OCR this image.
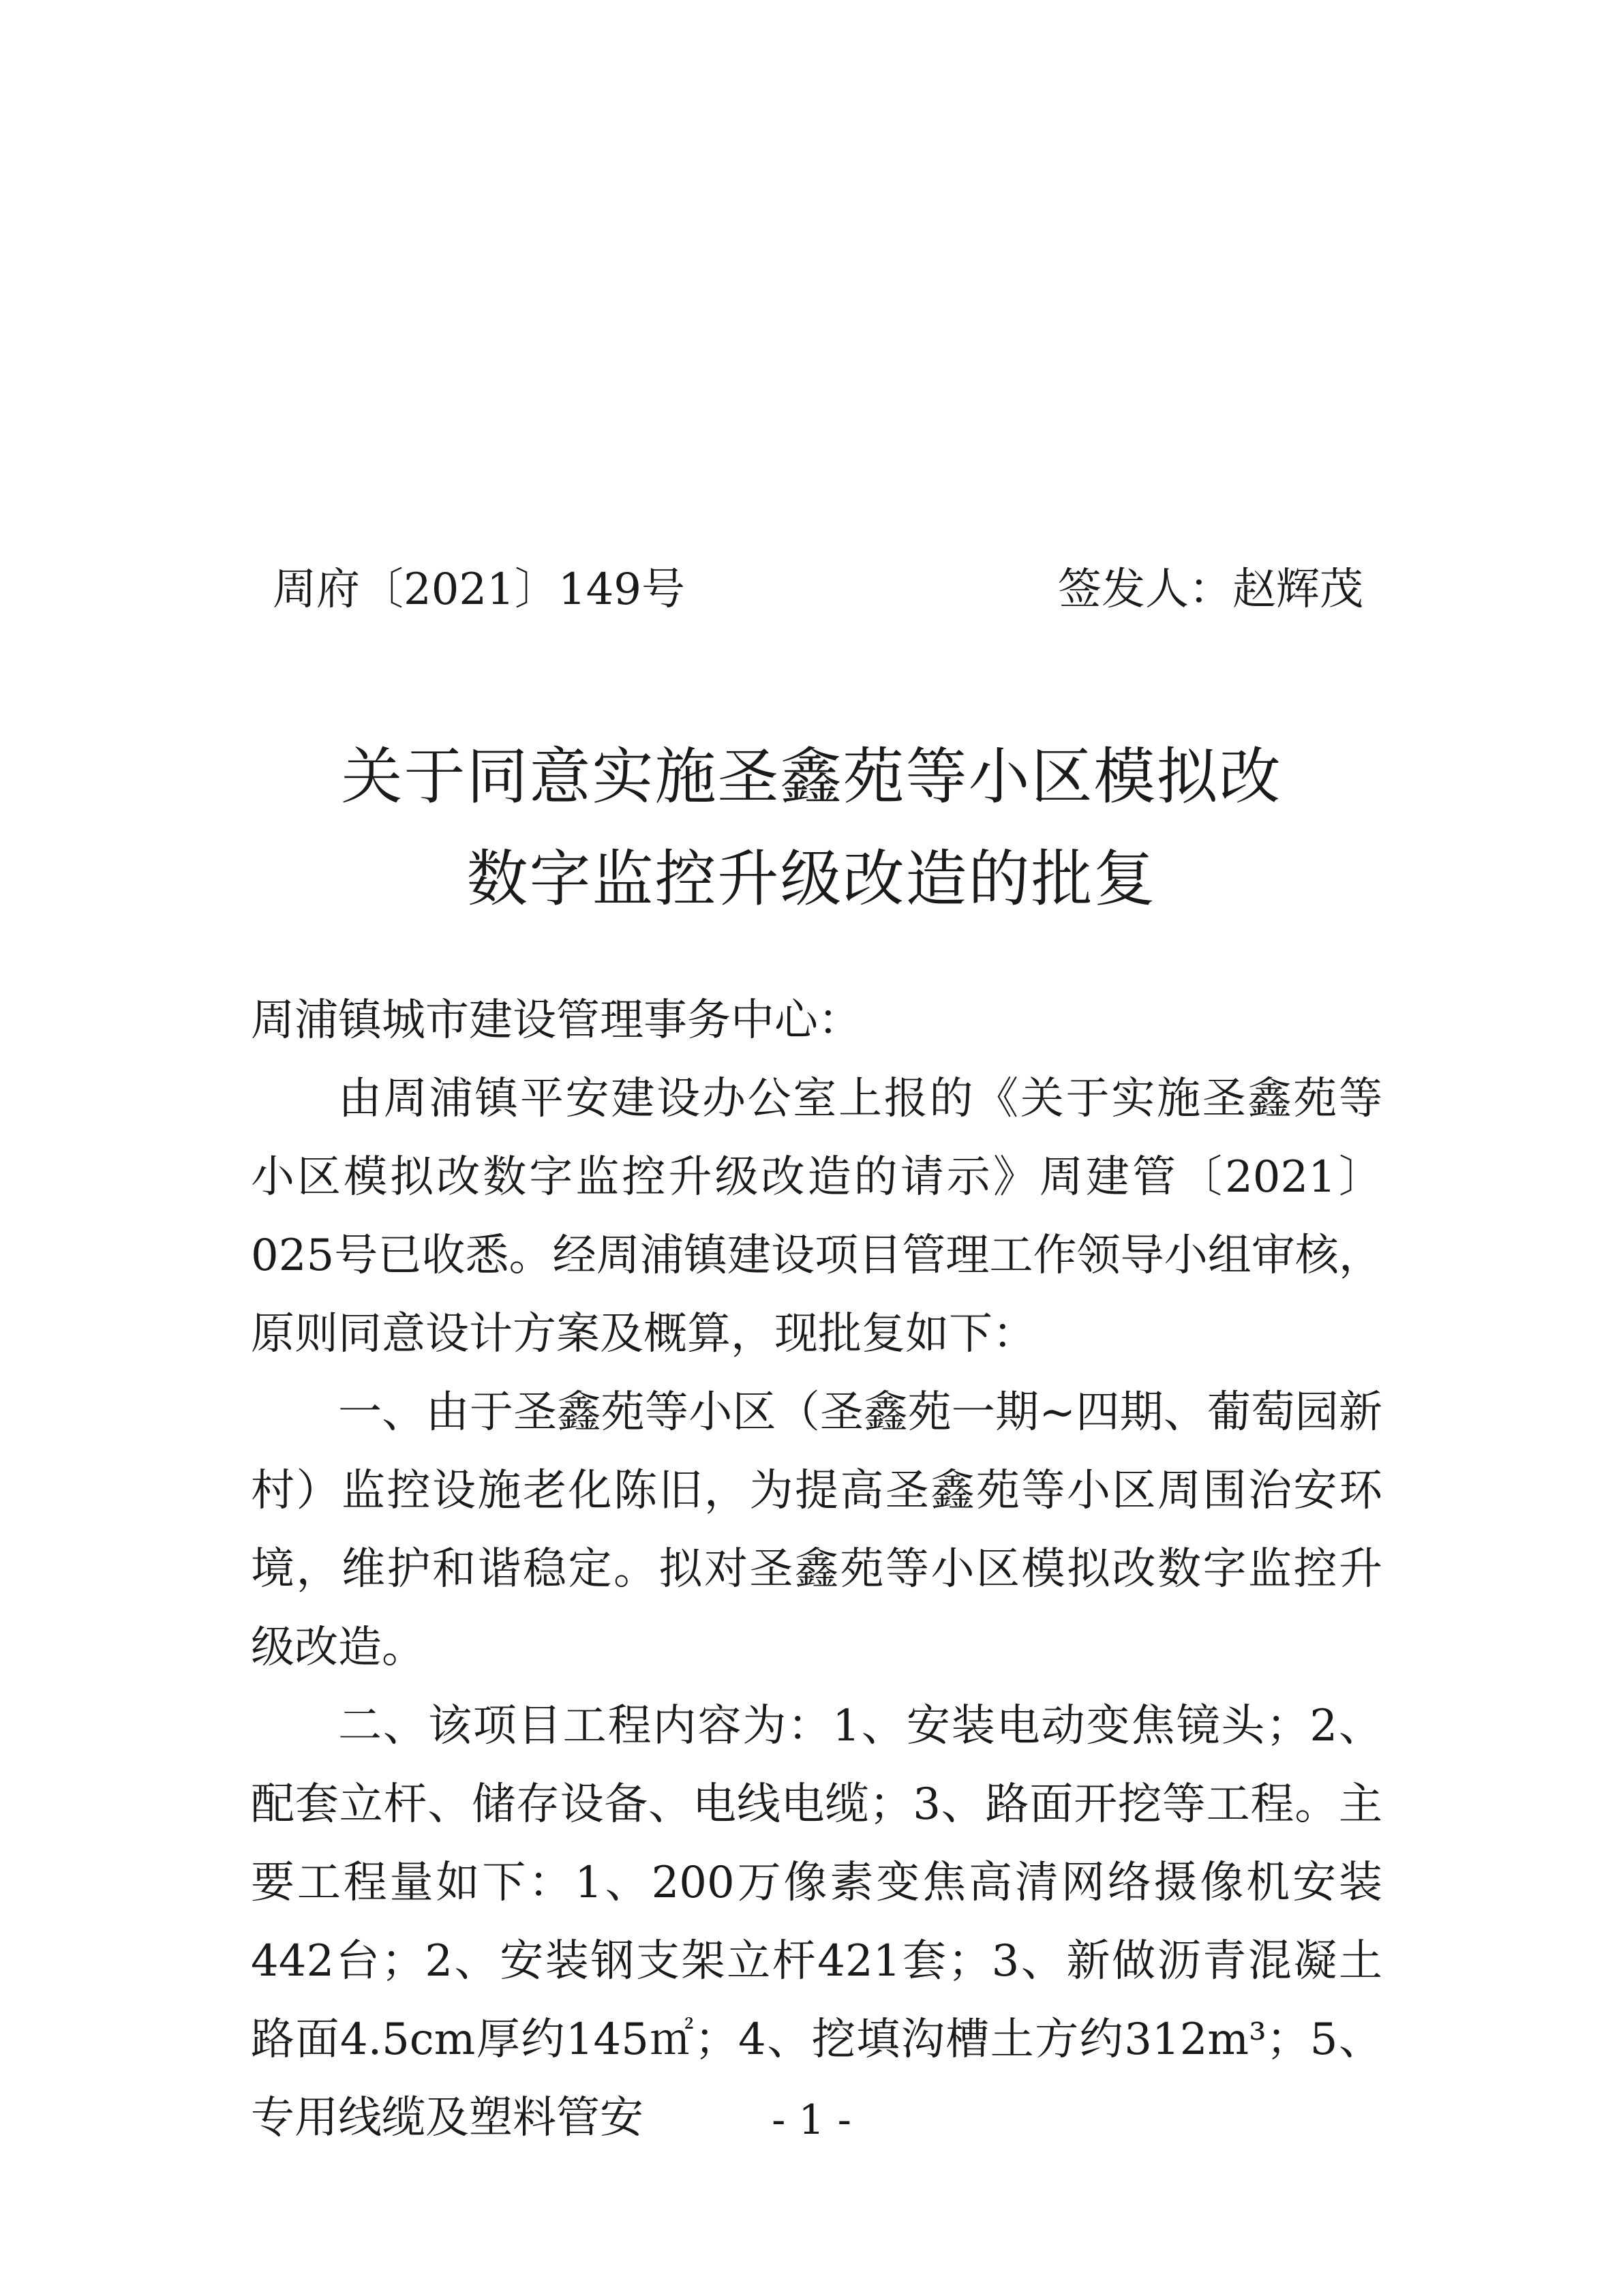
周府〔2021〕149号	签发人：赵辉茂
关于同意实施圣鑫苑等小区模拟改
数字监控升级改造的批复

周浦镇城市建设管理事务中心：

由周浦镇平安建设办公室上报的《关于实施圣鑫苑等小区模拟改数字监控升级改造的请示》周建管〔2021〕025号已收悉。经周浦镇建设项目管理工作领导小组审核，原则同意设计方案及概算，现批复如下：

一、由于圣鑫苑等小区（圣鑫苑一期~四期、葡萄园新村）监控设施老化陈旧，为提高圣鑫苑等小区周围治安环境，维护和谐稳定。拟对圣鑫苑等小区模拟改数字监控升级改造。

二、该项目工程内容为：1、安装电动变焦镜头；2、配套立杆、储存设备、电线电缆；3、路面开挖等工程。主要工程量如下：1、200万像素变焦高清网络摄像机安装442台；2、安装钢支架立杆421套；3、新做沥青混凝土路面4.5cm厚约145㎡；4、挖填沟槽土方约312m³；5、专用线缆及塑料管安	- 1 -
